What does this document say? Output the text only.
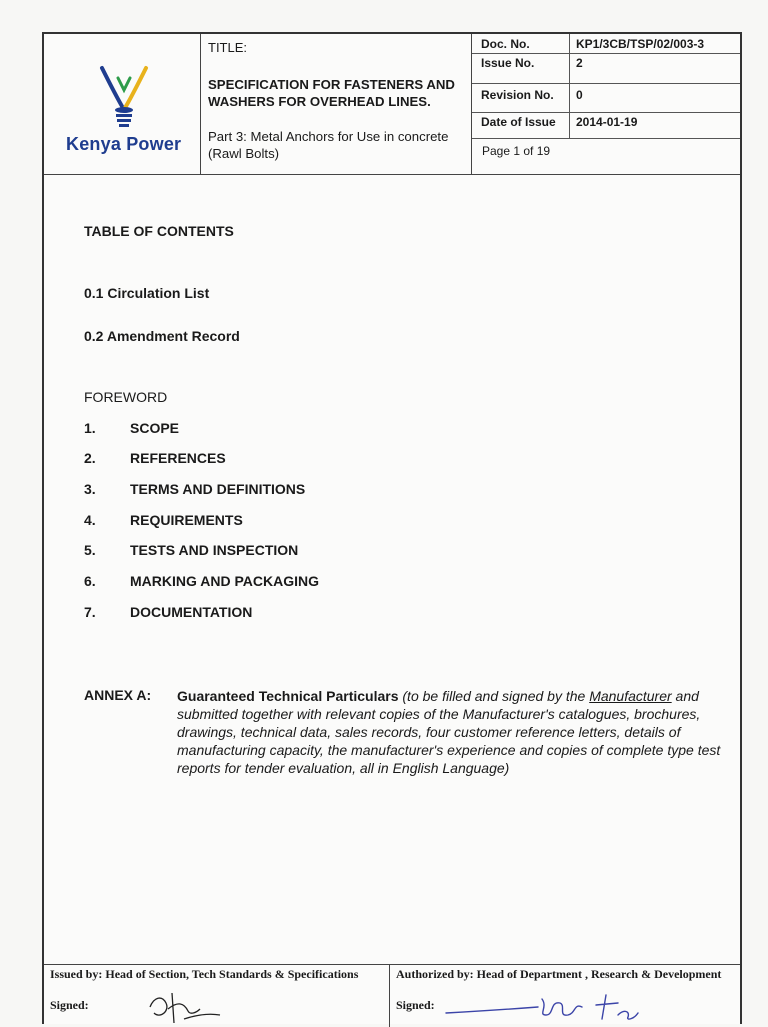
Kenya Power
TITLE:
SPECIFICATION FOR FASTENERS AND WASHERS FOR OVERHEAD LINES.
Part 3: Metal Anchors for Use in concrete (Rawl Bolts)
Doc. No.	KP1/3CB/TSP/02/003-3
Issue No.	2
Revision No. 0
Date of Issue 2014-01-19
Page 1 of 19
TABLE OF CONTENTS
0.1 Circulation List
0.2 Amendment Record
FOREWORD
1. SCOPE
2. REFERENCES
3. TERMS AND DEFINITIONS
4. REQUIREMENTS
5. TESTS AND INSPECTION
6. MARKING AND PACKAGING
7. DOCUMENTATION
ANNEX A: Guaranteed Technical Particulars (to be filled and signed by the Manufacturer and submitted together with relevant copies of the Manufacturer's catalogues, brochures, drawings, technical data, sales records, four customer reference letters, details of manufacturing capacity, the manufacturer's experience and copies of complete type test reports for tender evaluation, all in English Language)
Issued by: Head of Section, Tech Standards & Specifications
Signed:
Authorized by: Head of Department , Research & Development
Signed:
